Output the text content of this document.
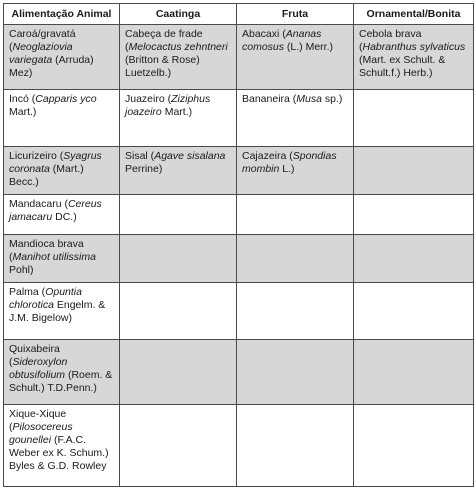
Alimentação Animal	Caatinga	Fruta	Ornamental/Bonita
Caroá/gravatá (Neoglaziovia variegata (Arruda) Mez)	Cabeça de frade (Melocactus zehntneri (Britton & Rose) Luetzelb.)	Abacaxi (Ananas comosus (L.) Merr.)	Cebola brava (Habranthus sylvaticus (Mart. ex Schult. & Schult.f.) Herb.)
Incó (Capparis yco Mart.)	Juazeiro (Ziziphus joazeiro Mart.)	Bananeira (Musa sp.)	
Licurizeiro (Syagrus coronata (Mart.) Becc.)	Sisal (Agave sisalana Perrine)	Cajazeira (Spondias mombin L.)	
Mandacaru (Cereus jamacaru DC.)			
Mandioca brava (Manihot utilissima Pohl)			
Palma (Opuntia chlorotica Engelm. & J.M. Bigelow)			
Quixabeira (Sideroxylon obtusifolium (Roem. & Schult.) T.D.Penn.)			
Xique-Xique (Pilosocereus gounellei (F.A.C. Weber ex K. Schum.) Byles & G.D. Rowley			
